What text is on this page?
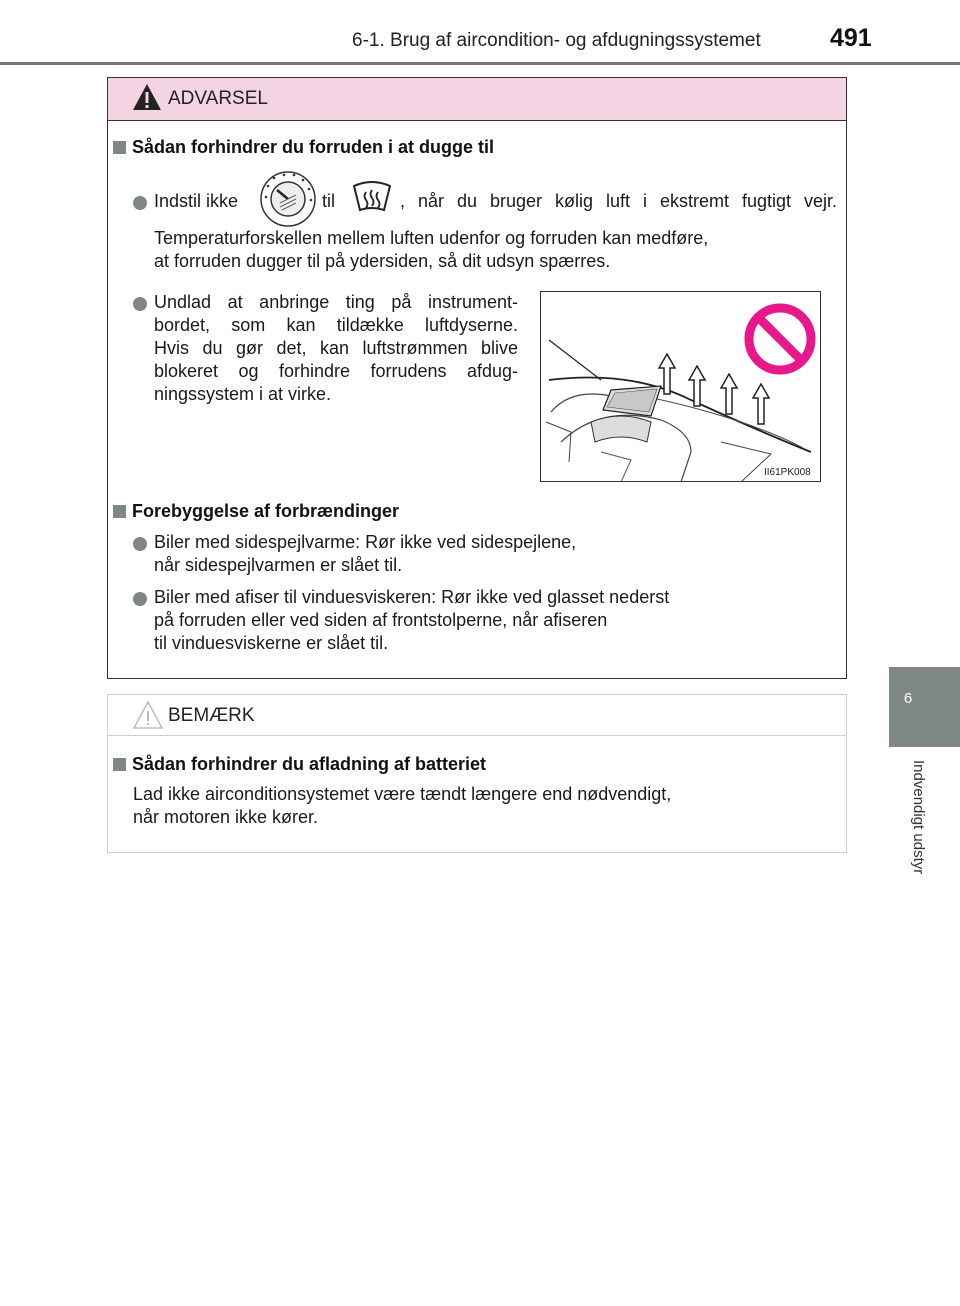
6-1. Brug af aircondition- og afdugningssystemet	491
6
Indvendigt udstyr
ADVARSEL
Sådan forhindrer du forruden i at dugge til
Indstil ikke	til	, når du bruger kølig luft i ekstremt fugtigt vejr.
Temperaturforskellen mellem luften udenfor og forruden kan medføre,
at forruden dugger til på ydersiden, så dit udsyn spærres.
Undlad at anbringe ting på instrument-
bordet, som kan tildække luftdyserne.
Hvis du gør det, kan luftstrømmen blive
blokeret og forhindre forrudens afdug-
ningssystem i at virke.
II61PK008
Forebyggelse af forbrændinger
Biler med sidespejlvarme: Rør ikke ved sidespejlene,
når sidespejlvarmen er slået til.
Biler med afiser til vinduesviskeren: Rør ikke ved glasset nederst
på forruden eller ved siden af frontstolperne, når afiseren
til vinduesviskerne er slået til.
BEMÆRK
Sådan forhindrer du afladning af batteriet
Lad ikke airconditionsystemet være tændt længere end nødvendigt,
når motoren ikke kører.
